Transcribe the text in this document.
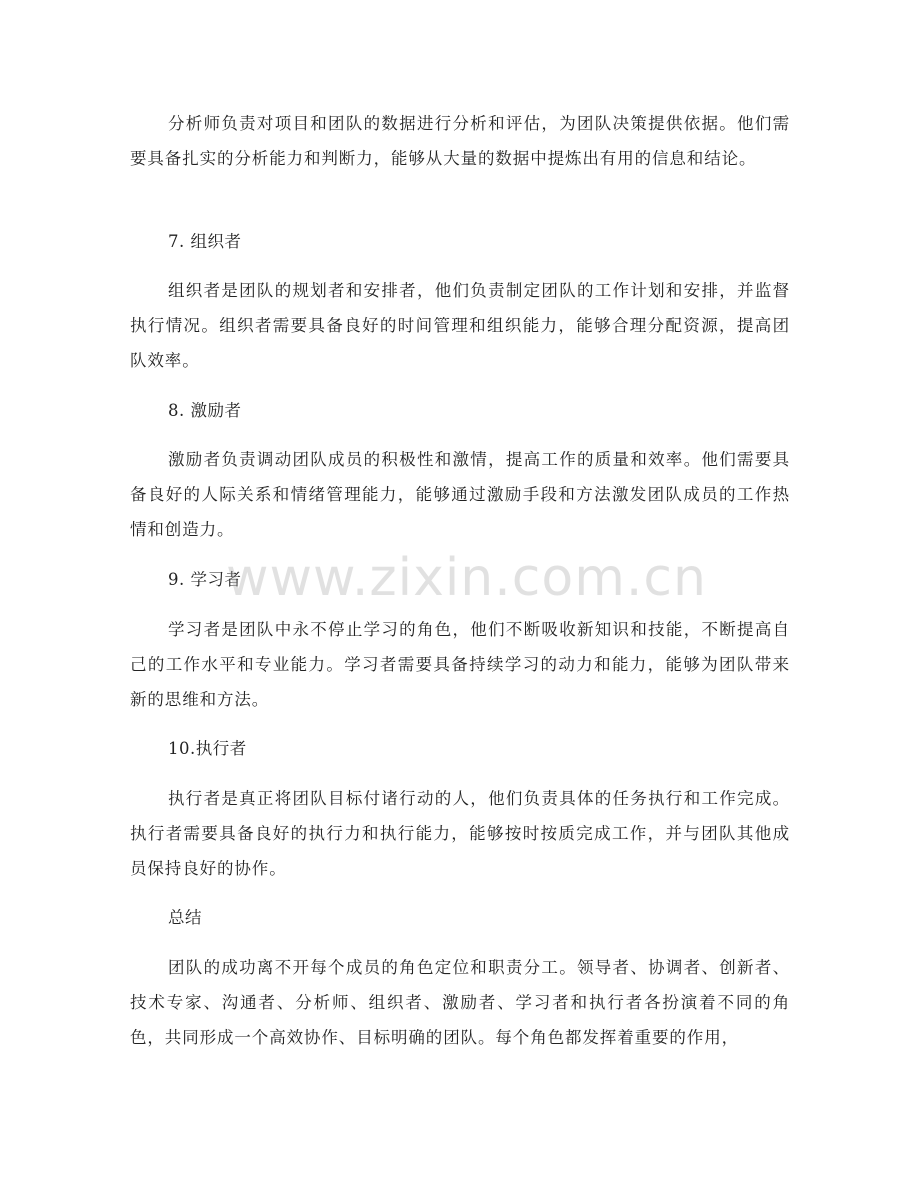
分析师负责对项目和团队的数据进行分析和评估，为团队决策提供依据。他们需要具备扎实的分析能力和判断力，能够从大量的数据中提炼出有用的信息和结论。

7. 组织者

组织者是团队的规划者和安排者，他们负责制定团队的工作计划和安排，并监督执行情况。组织者需要具备良好的时间管理和组织能力，能够合理分配资源，提高团队效率。

8. 激励者

激励者负责调动团队成员的积极性和激情，提高工作的质量和效率。他们需要具备良好的人际关系和情绪管理能力，能够通过激励手段和方法激发团队成员的工作热情和创造力。

9. 学习者

学习者是团队中永不停止学习的角色，他们不断吸收新知识和技能，不断提高自己的工作水平和专业能力。学习者需要具备持续学习的动力和能力，能够为团队带来新的思维和方法。

10.执行者

执行者是真正将团队目标付诸行动的人，他们负责具体的任务执行和工作完成。执行者需要具备良好的执行力和执行能力，能够按时按质完成工作，并与团队其他成员保持良好的协作。

总结

团队的成功离不开每个成员的角色定位和职责分工。领导者、协调者、创新者、技术专家、沟通者、分析师、组织者、激励者、学习者和执行者各扮演着不同的角色，共同形成一个高效协作、目标明确的团队。每个角色都发挥着重要的作用，

www.zixin.com.cn
